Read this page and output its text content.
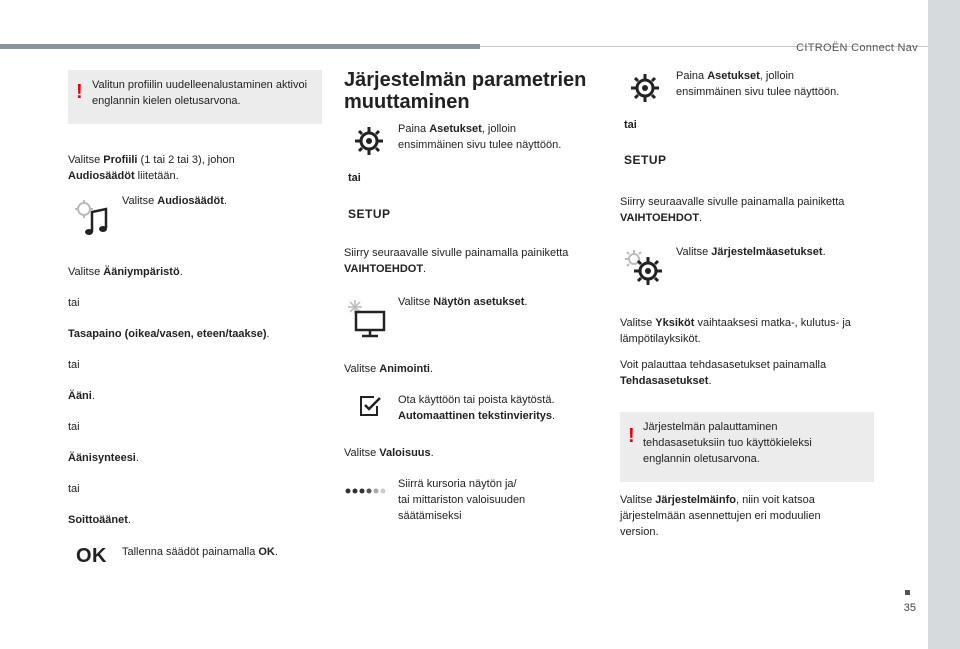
CITROËN Connect Nav
35
! Valitun profiilin uudelleenalustaminen aktivoi englannin kielen oletusarvona.
Valitse Profiili (1 tai 2 tai 3), johon
Audiosäädöt liitetään.
Valitse Audiosäädöt.
Valitse Ääniympäristö.
tai
Tasapaino (oikea/vasen, eteen/taakse).
tai
Ääni.
tai
Äänisynteesi.
tai
Soittoäänet.
OK Tallenna säädöt painamalla OK.
Järjestelmän parametrien
muuttaminen
Paina Asetukset, jolloin
ensimmäinen sivu tulee näyttöön.
tai
SETUP
Siirry seuraavalle sivulle painamalla painiketta
VAIHTOEHDOT.
Valitse Näytön asetukset.
Valitse Animointi.
Ota käyttöön tai poista käytöstä.
Automaattinen tekstinvieritys.
Valitse Valoisuus.
Siirrä kursoria näytön ja/
tai mittariston valoisuuden
säätämiseksi
Paina Asetukset, jolloin
ensimmäinen sivu tulee näyttöön.
tai
SETUP
Siirry seuraavalle sivulle painamalla painiketta
VAIHTOEHDOT.
Valitse Järjestelmäasetukset.
Valitse Yksiköt vaihtaaksesi matka-, kulutus- ja
lämpötilayksiköt.
Voit palauttaa tehdasasetukset painamalla
Tehdasasetukset.
! Järjestelmän palauttaminen
tehdasasetuksiin tuo käyttökieleksi
englannin oletusarvona.
Valitse Järjestelmäinfo, niin voit katsoa
järjestelmään asennettujen eri moduulien
version.
